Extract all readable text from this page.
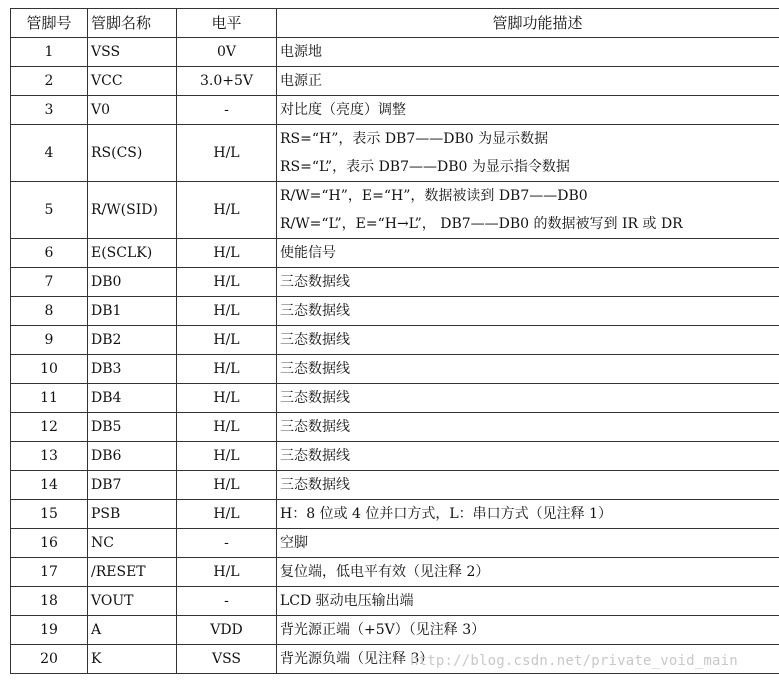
管脚号	管脚名称	电平	管脚功能描述
1	VSS	0V	电源地

2	VCC	3.0+5V	电源正

3	V0	-	对比度（亮度）调整

4	RS(CS)	H/L	RS=“H”，表示 DB7——DB0 为显示数据
RS=“L”，表示 DB7——DB0 为显示指令数据

5	R/W(SID)	H/L	R/W=“H”，E=“H”，数据被读到 DB7——DB0
R/W=“L”，E=“H→L”， DB7——DB0 的数据被写到 IR 或 DR

6	E(SCLK)	H/L	使能信号

7	DB0	H/L	三态数据线

8	DB1	H/L	三态数据线

9	DB2	H/L	三态数据线

10	DB3	H/L	三态数据线

11	DB4	H/L	三态数据线

12	DB5	H/L	三态数据线

13	DB6	H/L	三态数据线

14	DB7	H/L	三态数据线

15	PSB	H/L	H：8 位或 4 位并口方式，L：串口方式（见注释 1）

16	NC	-	空脚

17	/RESET	H/L	复位端，低电平有效（见注释 2）

18	VOUT	-	LCD 驱动电压输出端

19	A	VDD	背光源正端（+5V）（见注释 3）

20	K	VSS	背光源负端（见注释 3）
http://blog.csdn.net/private_void_main
